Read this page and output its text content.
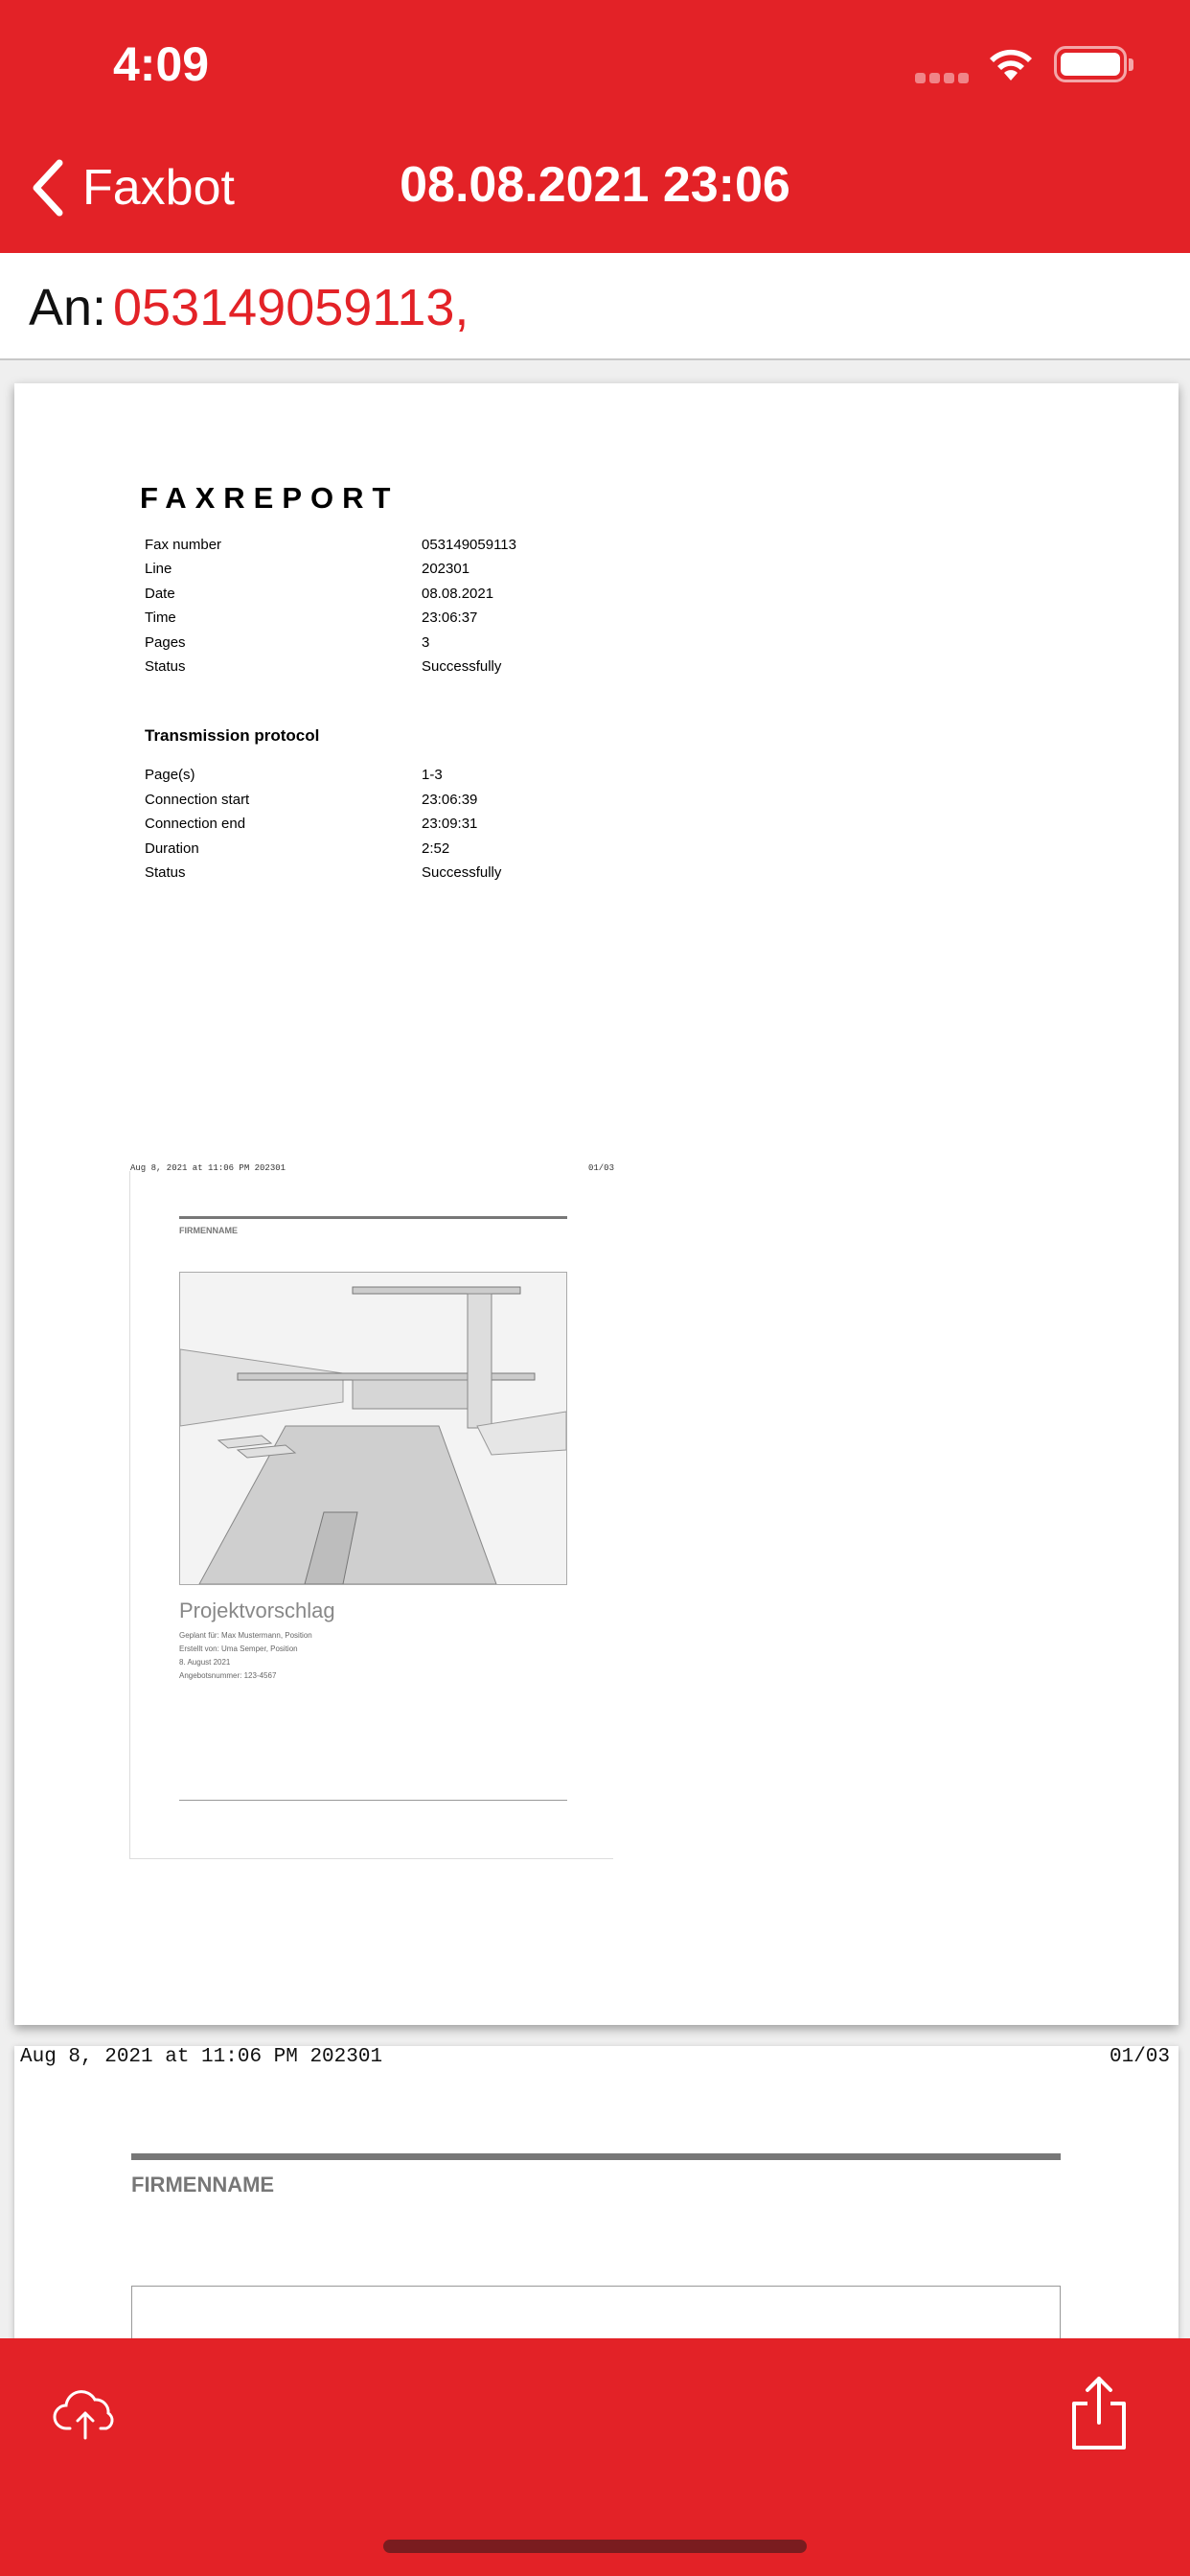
4:09
Faxbot	08.08.2021 23:06
An: 053149059113,
FAXREPORT
Fax number	053149059113
Line	202301
Date	08.08.2021
Time	23:06:37
Pages	3
Status	Successfully
Transmission protocol
Page(s)	1-3
Connection start	23:06:39
Connection end	23:09:31
Duration	2:52
Status	Successfully
Aug 8, 2021 at 11:06 PM 202301	01/03
FIRMENNAME
Projektvorschlag
Geplant für: Max Mustermann, Position
Erstellt von: Uma Semper, Position
8. August 2021
Angebotsnummer: 123-4567
Aug 8, 2021 at 11:06 PM 202301	01/03
FIRMENNAME
